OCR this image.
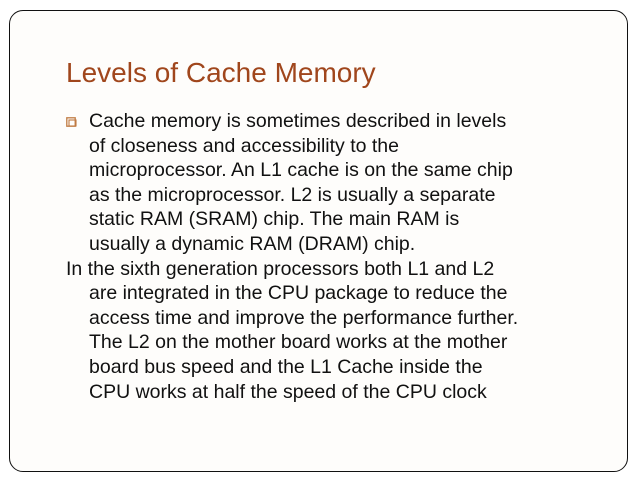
Levels of Cache Memory
Cache memory is sometimes described in levels
of closeness and accessibility to the
microprocessor. An L1 cache is on the same chip
as the microprocessor. L2 is usually a separate
static RAM (SRAM) chip. The main RAM is
usually a dynamic RAM (DRAM) chip.
In the sixth generation processors both L1 and L2
are integrated in the CPU package to reduce the
access time and improve the performance further.
The L2 on the mother board works at the mother
board bus speed and the L1 Cache inside the
CPU works at half the speed of the CPU clock
